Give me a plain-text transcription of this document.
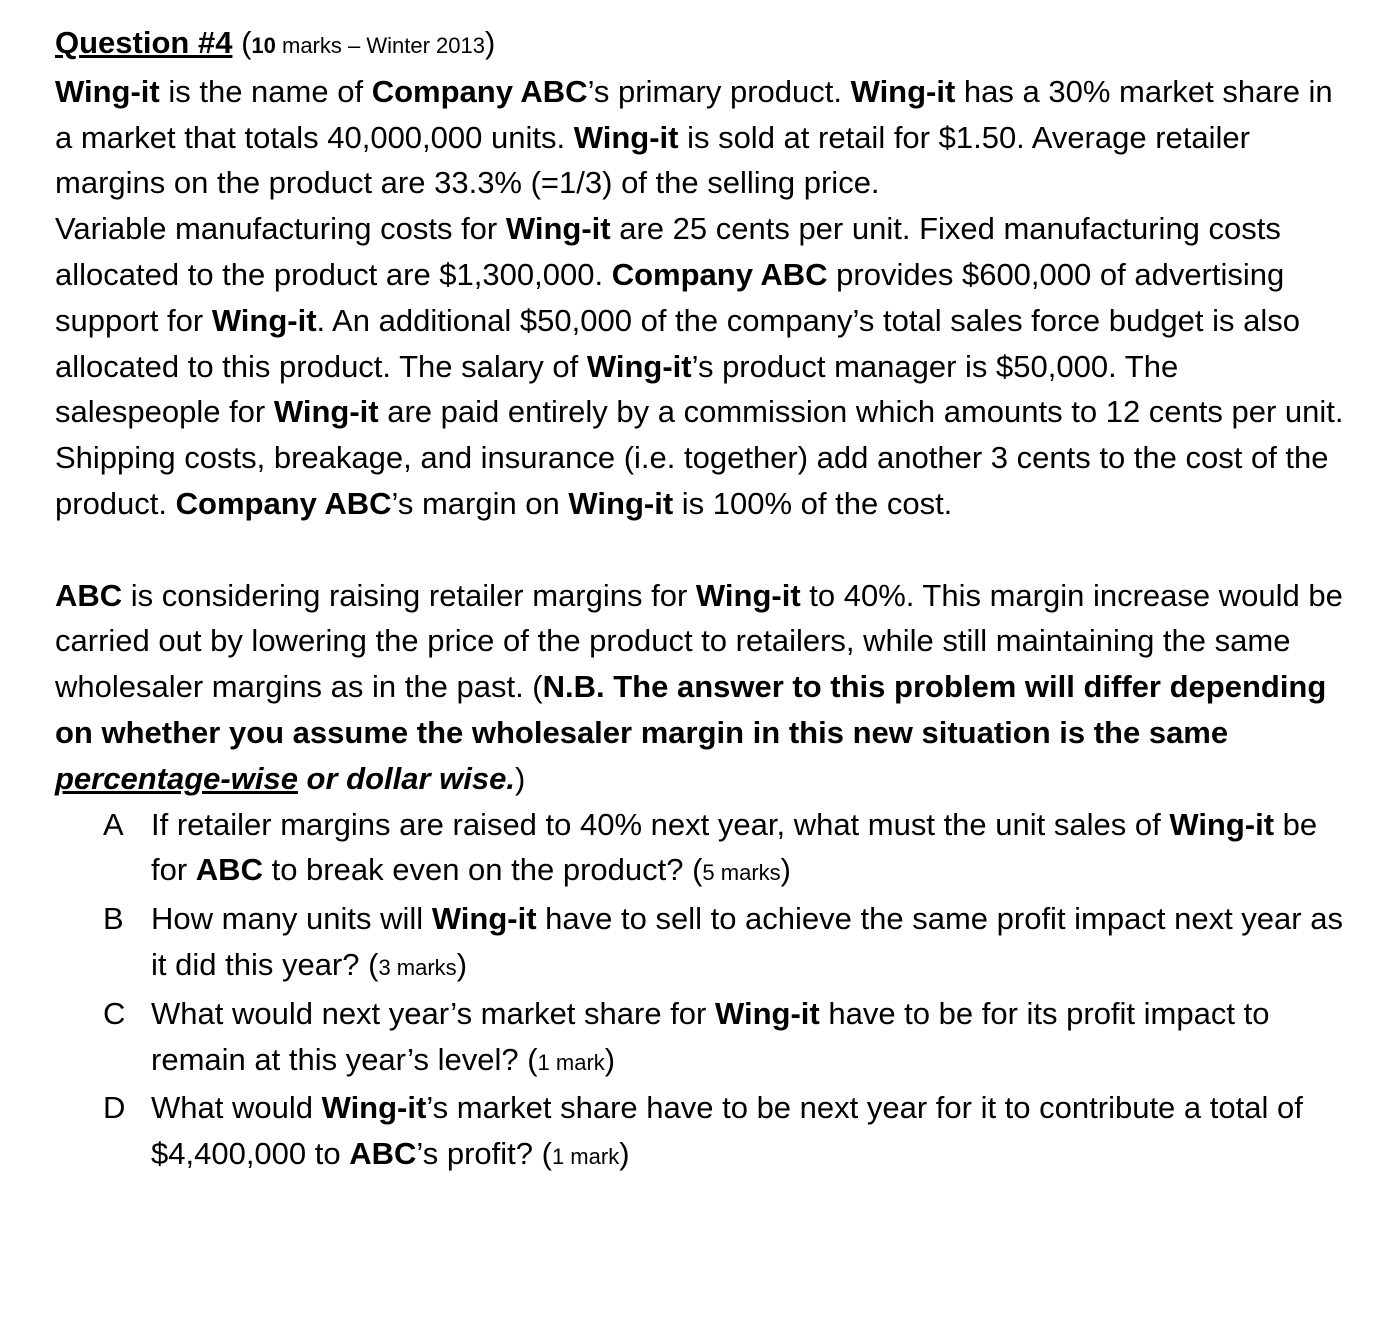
Question #4 (10 marks – Winter 2013)

Wing-it is the name of Company ABC’s primary product. Wing-it has a 30% market share in a market that totals 40,000,000 units. Wing-it is sold at retail for $1.50. Average retailer margins on the product are 33.3% (=1/3) of the selling price.

Variable manufacturing costs for Wing-it are 25 cents per unit. Fixed manufacturing costs allocated to the product are $1,300,000. Company ABC provides $600,000 of advertising support for Wing-it. An additional $50,000 of the company’s total sales force budget is also allocated to this product. The salary of Wing-it’s product manager is $50,000. The salespeople for Wing-it are paid entirely by a commission which amounts to 12 cents per unit. Shipping costs, breakage, and insurance (i.e. together) add another 3 cents to the cost of the product. Company ABC’s margin on Wing-it is 100% of the cost.

ABC is considering raising retailer margins for Wing-it to 40%. This margin increase would be carried out by lowering the price of the product to retailers, while still maintaining the same wholesaler margins as in the past. (N.B. The answer to this problem will differ depending on whether you assume the wholesaler margin in this new situation is the same percentage-wise or dollar wise.)

A If retailer margins are raised to 40% next year, what must the unit sales of Wing-it be for ABC to break even on the product? (5 marks)
B How many units will Wing-it have to sell to achieve the same profit impact next year as it did this year? (3 marks)
C What would next year’s market share for Wing-it have to be for its profit impact to remain at this year’s level? (1 mark)
D What would Wing-it’s market share have to be next year for it to contribute a total of $4,400,000 to ABC’s profit? (1 mark)
